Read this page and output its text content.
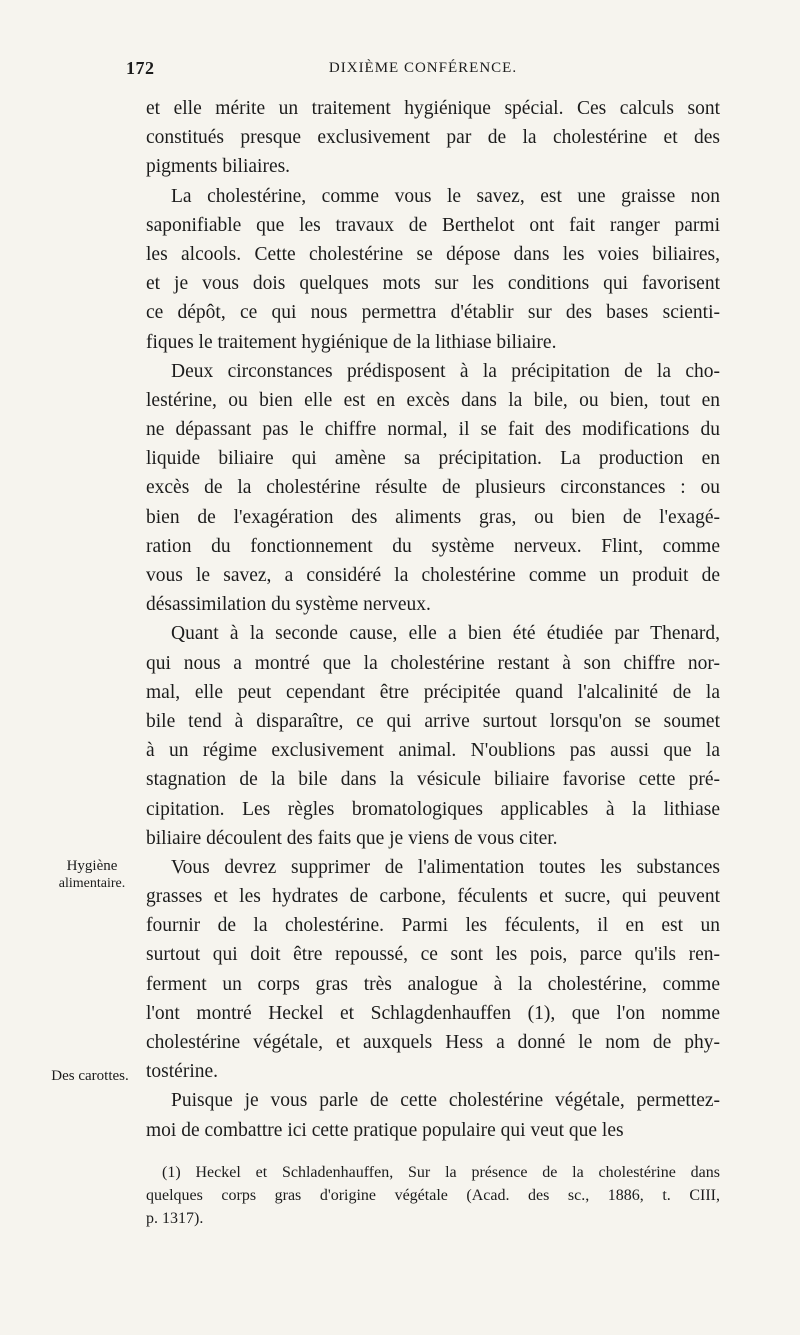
172	DIXIÈME CONFÉRENCE.
Hygiène
alimentaire.
Des carottes.
et elle mérite un traitement hygiénique spécial. Ces calculs sont
constitués presque exclusivement par de la cholestérine et des
pigments biliaires.
La cholestérine, comme vous le savez, est une graisse non
saponifiable que les travaux de Berthelot ont fait ranger parmi
les alcools. Cette cholestérine se dépose dans les voies biliaires,
et je vous dois quelques mots sur les conditions qui favorisent
ce dépôt, ce qui nous permettra d'établir sur des bases scienti-
fiques le traitement hygiénique de la lithiase biliaire.
Deux circonstances prédisposent à la précipitation de la cho-
lestérine, ou bien elle est en excès dans la bile, ou bien, tout en
ne dépassant pas le chiffre normal, il se fait des modifications du
liquide biliaire qui amène sa précipitation. La production en
excès de la cholestérine résulte de plusieurs circonstances : ou
bien de l'exagération des aliments gras, ou bien de l'exagé-
ration du fonctionnement du système nerveux. Flint, comme
vous le savez, a considéré la cholestérine comme un produit de
désassimilation du système nerveux.
Quant à la seconde cause, elle a bien été étudiée par Thenard,
qui nous a montré que la cholestérine restant à son chiffre nor-
mal, elle peut cependant être précipitée quand l'alcalinité de la
bile tend à disparaître, ce qui arrive surtout lorsqu'on se soumet
à un régime exclusivement animal. N'oublions pas aussi que la
stagnation de la bile dans la vésicule biliaire favorise cette pré-
cipitation. Les règles bromatologiques applicables à la lithiase
biliaire découlent des faits que je viens de vous citer.
Vous devrez supprimer de l'alimentation toutes les substances
grasses et les hydrates de carbone, féculents et sucre, qui peuvent
fournir de la cholestérine. Parmi les féculents, il en est un
surtout qui doit être repoussé, ce sont les pois, parce qu'ils ren-
ferment un corps gras très analogue à la cholestérine, comme
l'ont montré Heckel et Schlagdenhauffen (1), que l'on nomme
cholestérine végétale, et auxquels Hess a donné le nom de phy-
tostérine.
Puisque je vous parle de cette cholestérine végétale, permettez-
moi de combattre ici cette pratique populaire qui veut que les
(1) Heckel et Schladenhauffen, Sur la présence de la cholestérine dans
quelques corps gras d'origine végétale (Acad. des sc., 1886, t. CIII,
p. 1317).
